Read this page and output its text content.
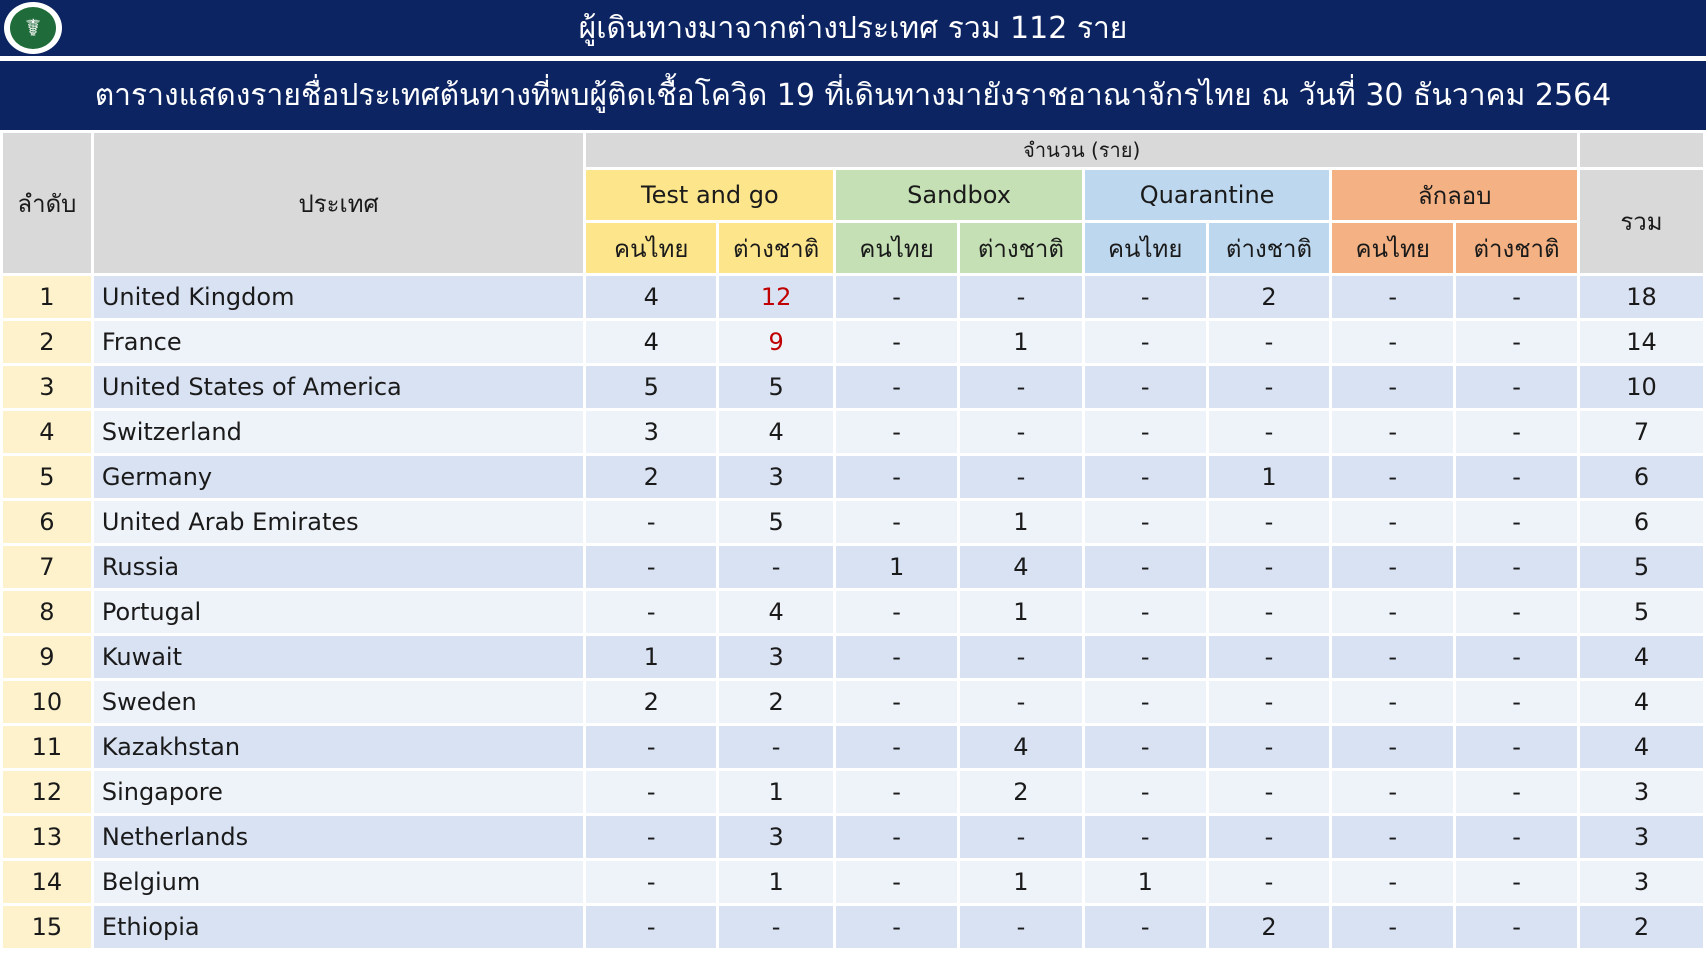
☤	ผู้เดินทางมาจากต่างประเทศ รวม 112 ราย
ตารางแสดงรายชื่อประเทศต้นทางที่พบผู้ติดเชื้อโควิด 19 ที่เดินทางมายังราชอาณาจักรไทย ณ วันที่ 30 ธันวาคม 2564
ลำดับ	ประเทศ	จำนวน (ราย)								
		Test and go		Sandbox		Quarantine		ลักลอบ		รวม
		คนไทย	ต่างชาติ	คนไทย	ต่างชาติ	คนไทย	ต่างชาติ	คนไทย	ต่างชาติ	
1	United Kingdom	4	12	-	-	-	2	-	-	18
2	France	4	9	-	1	-	-	-	-	14
3	United States of America	5	5	-	-	-	-	-	-	10
4	Switzerland	3	4	-	-	-	-	-	-	7
5	Germany	2	3	-	-	-	1	-	-	6
6	United Arab Emirates	-	5	-	1	-	-	-	-	6
7	Russia	-	-	1	4	-	-	-	-	5
8	Portugal	-	4	-	1	-	-	-	-	5
9	Kuwait	1	3	-	-	-	-	-	-	4
10	Sweden	2	2	-	-	-	-	-	-	4
11	Kazakhstan	-	-	-	4	-	-	-	-	4
12	Singapore	-	1	-	2	-	-	-	-	3
13	Netherlands	-	3	-	-	-	-	-	-	3
14	Belgium	-	1	-	1	1	-	-	-	3
15	Ethiopia	-	-	-	-	-	2	-	-	2
